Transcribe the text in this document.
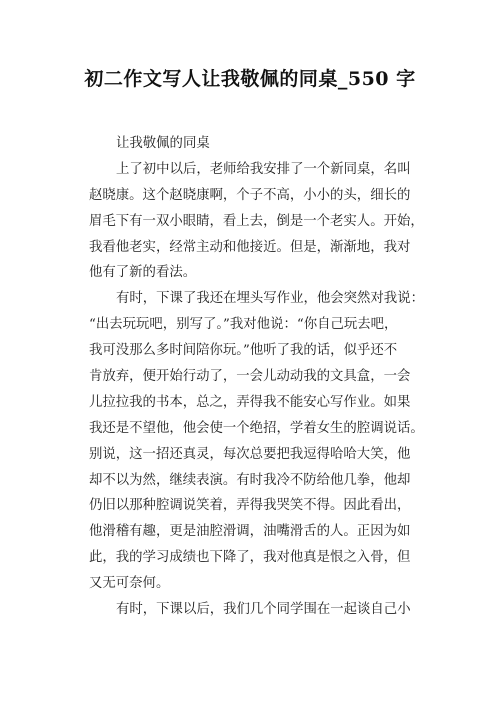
初二作文写人让我敬佩的同桌_550 字
让我敬佩的同桌
上了初中以后，老师给我安排了一个新同桌，名叫
赵晓康。这个赵晓康啊，个子不高，小小的头，细长的
眉毛下有一双小眼睛，看上去，倒是一个老实人。开始，
我看他老实，经常主动和他接近。但是，渐渐地，我对
他有了新的看法。
有时，下课了我还在埋头写作业，他会突然对我说：
“出去玩玩吧，别写了。”我对他说：“你自己玩去吧，
我可没那么多时间陪你玩。”他听了我的话，似乎还不
肯放弃，便开始行动了，一会儿动动我的文具盒，一会
儿拉拉我的书本，总之，弄得我不能安心写作业。如果
我还是不望他，他会使一个绝招，学着女生的腔调说话。
别说，这一招还真灵，每次总要把我逗得哈哈大笑，他
却不以为然，继续表演。有时我冷不防给他几拳，他却
仍旧以那种腔调说笑着，弄得我哭笑不得。因此看出，
他滑稽有趣，更是油腔滑调，油嘴滑舌的人。正因为如
此，我的学习成绩也下降了，我对他真是恨之入骨，但
又无可奈何。
有时，下课以后，我们几个同学围在一起谈自己小
